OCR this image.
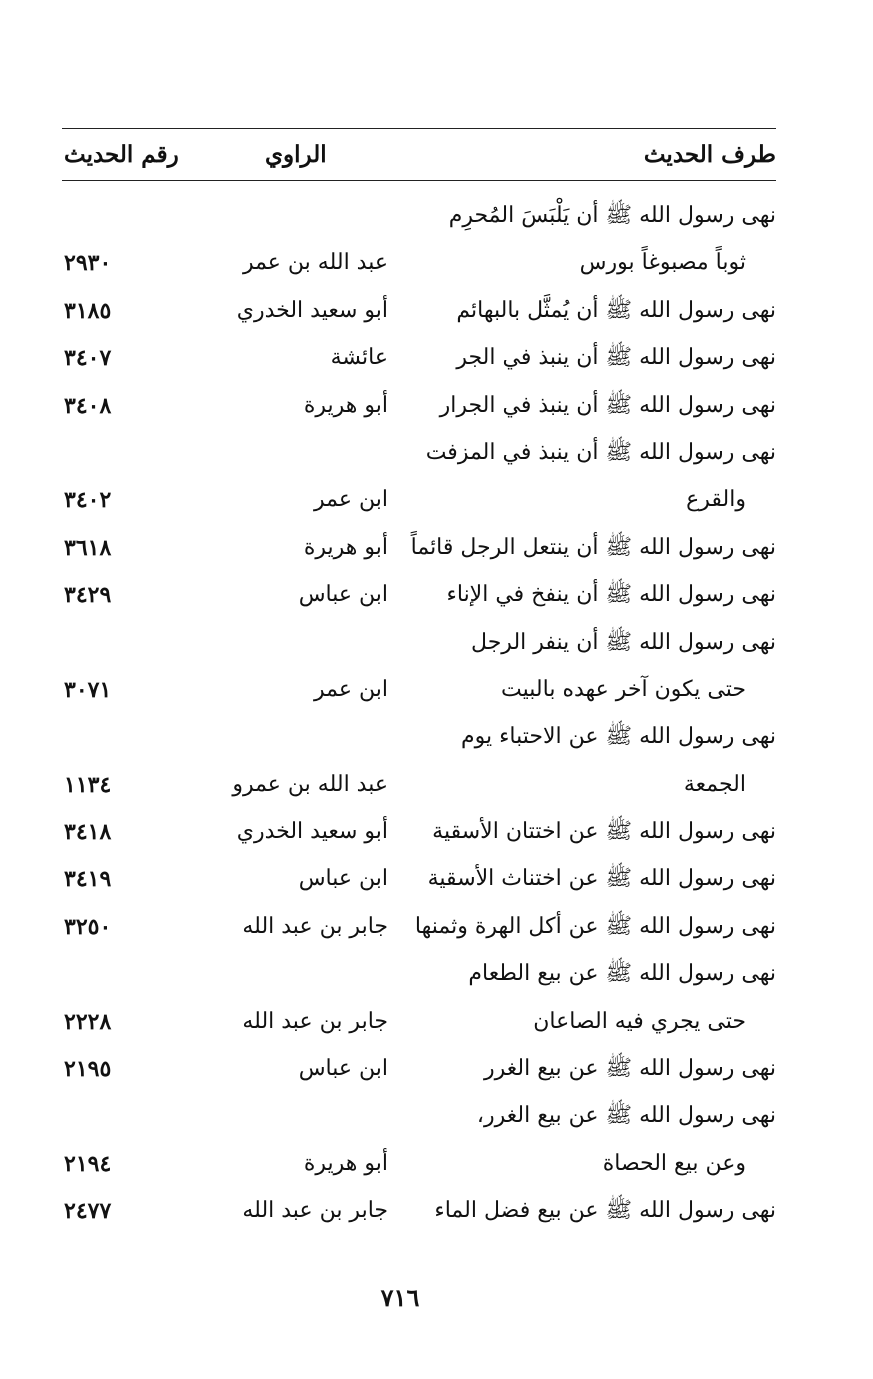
طرف الحديث
الراوي
رقم الحديث
نهى رسول الله ﷺ أن يَلْبَسَ المُحرِم
ثوباً مصبوغاً بورس
عبد الله بن عمر
٢٩٣٠
نهى رسول الله ﷺ أن يُمثَّل بالبهائم
أبو سعيد الخدري
٣١٨٥
نهى رسول الله ﷺ أن ينبذ في الجر
عائشة
٣٤٠٧
نهى رسول الله ﷺ أن ينبذ في الجرار
أبو هريرة
٣٤٠٨
نهى رسول الله ﷺ أن ينبذ في المزفت
والقرع
ابن عمر
٣٤٠٢
نهى رسول الله ﷺ أن ينتعل الرجل قائماً
أبو هريرة
٣٦١٨
نهى رسول الله ﷺ أن ينفخ في الإناء
ابن عباس
٣٤٢٩
نهى رسول الله ﷺ أن ينفر الرجل
حتى يكون آخر عهده بالبيت
ابن عمر
٣٠٧١
نهى رسول الله ﷺ عن الاحتباء يوم
الجمعة
عبد الله بن عمرو
١١٣٤
نهى رسول الله ﷺ عن اختتان الأسقية
أبو سعيد الخدري
٣٤١٨
نهى رسول الله ﷺ عن اختناث الأسقية
ابن عباس
٣٤١٩
نهى رسول الله ﷺ عن أكل الهرة وثمنها
جابر بن عبد الله
٣٢٥٠
نهى رسول الله ﷺ عن بيع الطعام
حتى يجري فيه الصاعان
جابر بن عبد الله
٢٢٢٨
نهى رسول الله ﷺ عن بيع الغرر
ابن عباس
٢١٩٥
نهى رسول الله ﷺ عن بيع الغرر،
وعن بيع الحصاة
أبو هريرة
٢١٩٤
نهى رسول الله ﷺ عن بيع فضل الماء
جابر بن عبد الله
٢٤٧٧
٧١٦
